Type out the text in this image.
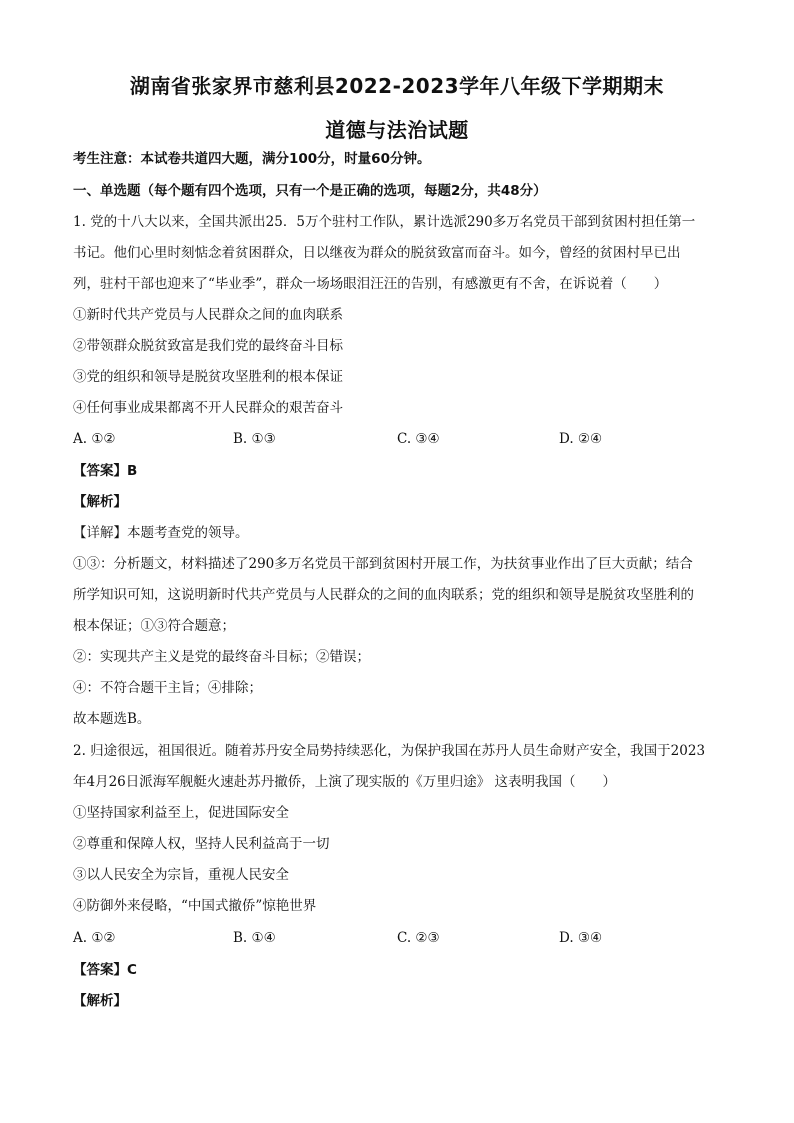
湖南省张家界市慈利县2022-2023学年八年级下学期期末
道德与法治试题
考生注意：本试卷共道四大题，满分100分，时量60分钟。
一、单选题（每个题有四个选项，只有一个是正确的选项，每题2分，共48分）
1. 党的十八大以来，全国共派出25．5万个驻村工作队，累计选派290多万名党员干部到贫困村担任第一
书记。他们心里时刻惦念着贫困群众，日以继夜为群众的脱贫致富而奋斗。如今，曾经的贫困村早已出
列，驻村干部也迎来了“毕业季”，群众一场场眼泪汪汪的告别，有感激更有不舍，在诉说着（　　）
①新时代共产党员与人民群众之间的血肉联系
②带领群众脱贫致富是我们党的最终奋斗目标
③党的组织和领导是脱贫攻坚胜利的根本保证
④任何事业成果都离不开人民群众的艰苦奋斗
A. ①②	B. ①③	C. ③④	D. ②④
【答案】B
【解析】
【详解】本题考查党的领导。
①③：分析题文，材料描述了290多万名党员干部到贫困村开展工作，为扶贫事业作出了巨大贡献；结合
所学知识可知，这说明新时代共产党员与人民群众的之间的血肉联系；党的组织和领导是脱贫攻坚胜利的
根本保证；①③符合题意；
②：实现共产主义是党的最终奋斗目标；②错误；
④：不符合题干主旨；④排除；
故本题选B。
2. 归途很远，祖国很近。随着苏丹安全局势持续恶化，为保护我国在苏丹人员生命财产安全，我国于2023
年4月26日派海军舰艇火速赴苏丹撤侨，上演了现实版的《万里归途》 这表明我国（　　）
①坚持国家利益至上，促进国际安全
②尊重和保障人权，坚持人民利益高于一切
③以人民安全为宗旨，重视人民安全
④防御外来侵略，“中国式撤侨”惊艳世界
A. ①②	B. ①④	C. ②③	D. ③④
【答案】C
【解析】
